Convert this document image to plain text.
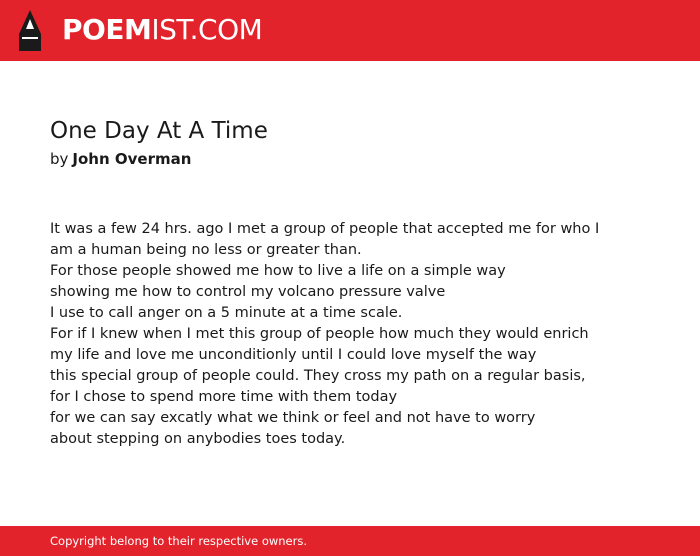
POEMIST.COM
One Day At A Time
by John Overman
It was a few 24 hrs. ago I met a group of people that accepted me for who I
am a human being no less or greater than.
For those people showed me how to live a life on a simple way
showing me how to control my volcano pressure valve
I use to call anger on a 5 minute at a time scale.
For if I knew when I met this group of people how much they would enrich
my life and love me unconditionly until I could love myself the way
this special group of people could. They cross my path on a regular basis,
for I chose to spend more time with them today
for we can say excatly what we think or feel and not have to worry
about stepping on anybodies toes today.
Copyright belong to their respective owners.
